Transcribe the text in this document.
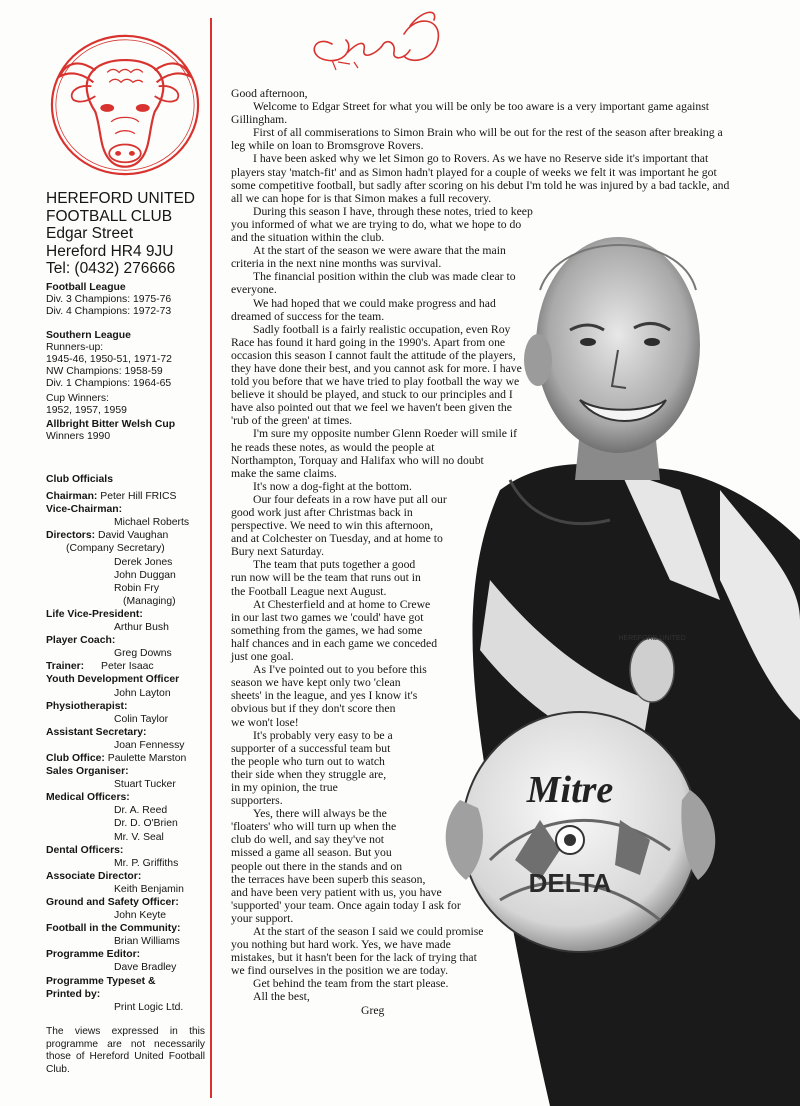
HEREFORD UNITED
FOOTBALL CLUB
Edgar Street
Hereford HR4 9JU
Tel: (0432) 276666
Football League
Div. 3 Champions: 1975-76
Div. 4 Champions: 1972-73
Southern League
Runners-up:
1945-46, 1950-51, 1971-72
NW Champions: 1958-59
Div. 1 Champions: 1964-65
Cup Winners:
1952, 1957, 1959
Allbright Bitter Welsh Cup
Winners 1990
Club Officials
Chairman: Peter Hill FRICS
Vice-Chairman:
Michael Roberts
Directors: David Vaughan
(Company Secretary)
Derek Jones
John Duggan
Robin Fry
(Managing)
Life Vice-President:
Arthur Bush
Player Coach:
Greg Downs
Trainer: Peter Isaac
Youth Development Officer
John Layton
Physiotherapist:
Colin Taylor
Assistant Secretary:
Joan Fennessy
Club Office: Paulette Marston
Sales Organiser:
Stuart Tucker
Medical Officers:
Dr. A. Reed
Dr. D. O'Brien
Mr. V. Seal
Dental Officers:
Mr. P. Griffiths
Associate Director:
Keith Benjamin
Ground and Safety Officer:
John Keyte
Football in the Community:
Brian Williams
Programme Editor:
Dave Bradley
Programme Typeset &
Printed by:
Print Logic Ltd.
The views expressed in this programme are not necessarily those of Hereford United Football Club.
HEREFORD UNITED
Mitre
DELTA

Good afternoon,

Welcome to Edgar Street for what you will be only be too aware is a very important game against

Gillingham.

First of all commiserations to Simon Brain who will be out for the rest of the season after breaking a

leg while on loan to Bromsgrove Rovers.

I have been asked why we let Simon go to Rovers. As we have no Reserve side it's important that

players stay 'match-fit' and as Simon hadn't played for a couple of weeks we felt it was important he got

some competitive football, but sadly after scoring on his debut I'm told he was injured by a bad tackle, and

all we can hope for is that Simon makes a full recovery.

During this season I have, through these notes, tried to keep

you informed of what we are trying to do, what we hope to do

and the situation within the club.

At the start of the season we were aware that the main

criteria in the next nine months was survival.

The financial position within the club was made clear to

everyone.

We had hoped that we could make progress and had

dreamed of success for the team.

Sadly football is a fairly realistic occupation, even Roy

Race has found it hard going in the 1990's. Apart from one

occasion this season I cannot fault the attitude of the players,

they have done their best, and you cannot ask for more. I have

told you before that we have tried to play football the way we

believe it should be played, and stuck to our principles and I

have also pointed out that we feel we haven't been given the

'rub of the green' at times.

I'm sure my opposite number Glenn Roeder will smile if

he reads these notes, as would the people at

Northampton, Torquay and Halifax who will no doubt

make the same claims.

It's now a dog-fight at the bottom.

Our four defeats in a row have put all our

good work just after Christmas back in

perspective. We need to win this afternoon,

and at Colchester on Tuesday, and at home to

Bury next Saturday.

The team that puts together a good

run now will be the team that runs out in

the Football League next August.

At Chesterfield and at home to Crewe

in our last two games we 'could' have got

something from the games, we had some

half chances and in each game we conceded

just one goal.

As I've pointed out to you before this

season we have kept only two 'clean

sheets' in the league, and yes I know it's

obvious but if they don't score then

we won't lose!

It's probably very easy to be a

supporter of a successful team but

the people who turn out to watch

their side when they struggle are,

in my opinion, the true

supporters.

Yes, there will always be the

'floaters' who will turn up when the

club do well, and say they've not

missed a game all season. But you

people out there in the stands and on

the terraces have been superb this season,

and have been very patient with us, you have

'supported' your team. Once again today I ask for

your support.

At the start of the season I said we could promise

you nothing but hard work. Yes, we have made

mistakes, but it hasn't been for the lack of trying that

we find ourselves in the position we are today.

Get behind the team from the start please.

All the best,

Greg
